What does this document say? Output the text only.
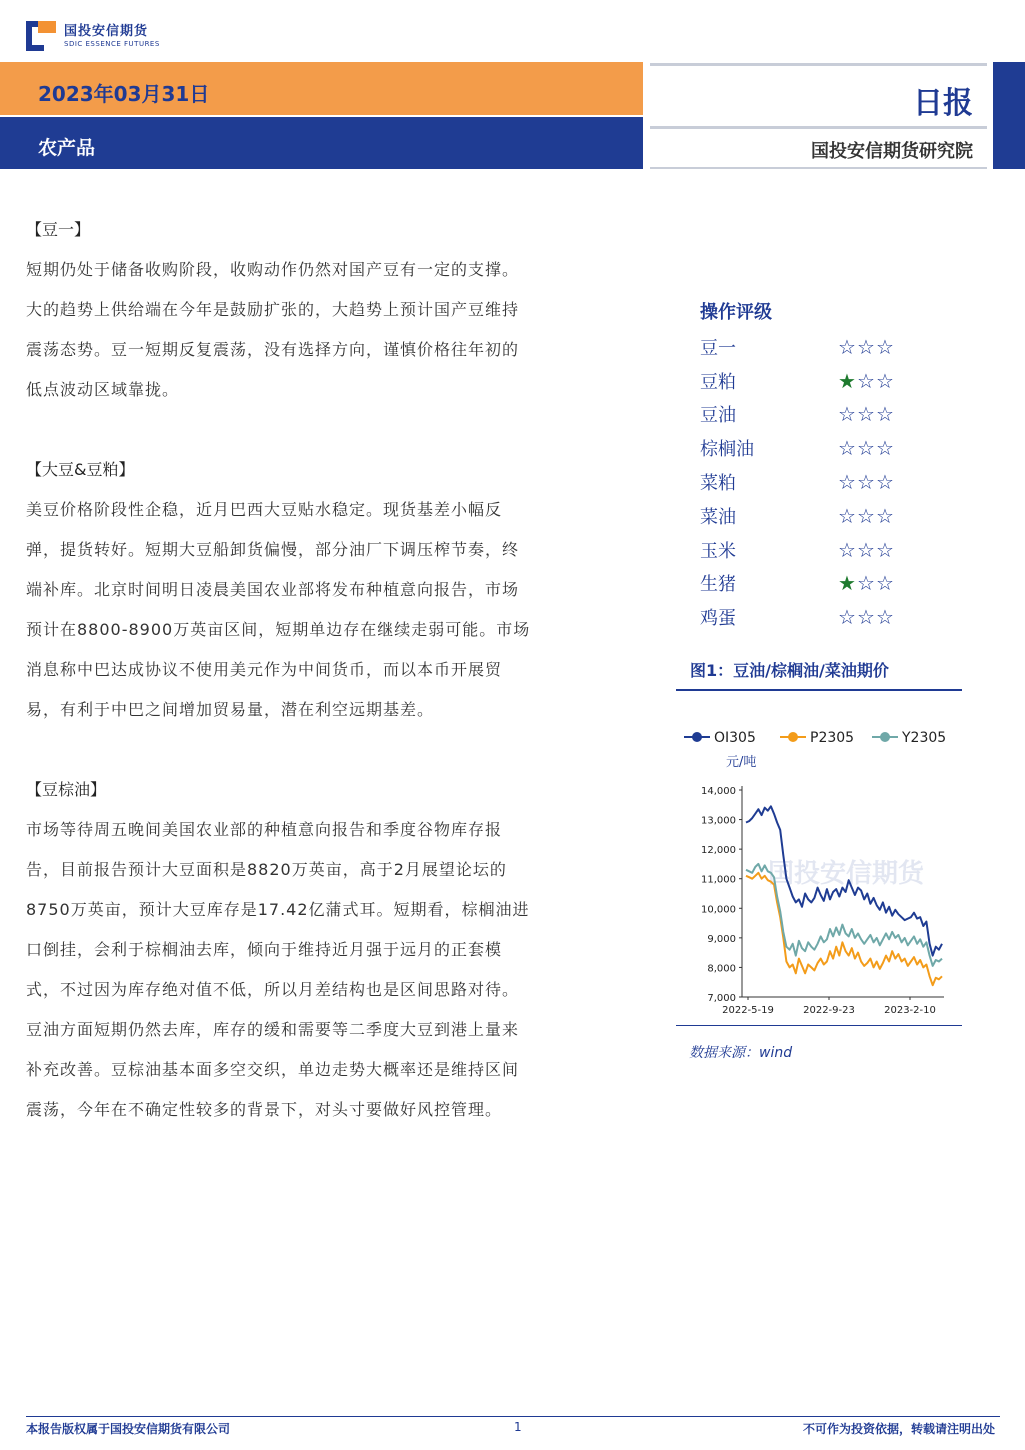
国投安信期货
SDIC ESSENCE FUTURES
2023年03月31日
农产品
日报
国投安信期货研究院
【豆一】

短期仍处于储备收购阶段，收购动作仍然对国产豆有一定的支撑。

大的趋势上供给端在今年是鼓励扩张的，大趋势上预计国产豆维持

震荡态势。豆一短期反复震荡，没有选择方向，谨慎价格往年初的

低点波动区域靠拢。

【大豆&豆粕】

美豆价格阶段性企稳，近月巴西大豆贴水稳定。现货基差小幅反

弹，提货转好。短期大豆船卸货偏慢，部分油厂下调压榨节奏，终

端补库。北京时间明日凌晨美国农业部将发布种植意向报告，市场

预计在8800-8900万英亩区间，短期单边存在继续走弱可能。市场

消息称中巴达成协议不使用美元作为中间货币，而以本币开展贸

易，有利于中巴之间增加贸易量，潜在利空远期基差。

【豆棕油】

市场等待周五晚间美国农业部的种植意向报告和季度谷物库存报

告，目前报告预计大豆面积是8820万英亩，高于2月展望论坛的

8750万英亩，预计大豆库存是17.42亿蒲式耳。短期看，棕榈油进

口倒挂，会利于棕榈油去库，倾向于维持近月强于远月的正套模

式，不过因为库存绝对值不低，所以月差结构也是区间思路对待。

豆油方面短期仍然去库，库存的缓和需要等二季度大豆到港上量来

补充改善。豆棕油基本面多空交织，单边走势大概率还是维持区间

震荡，今年在不确定性较多的背景下，对头寸要做好风控管理。

操作评级
豆一	☆ ☆ ☆
豆粕	★ ☆ ☆
豆油	☆ ☆ ☆
棕榈油	☆ ☆ ☆
菜粕	☆ ☆ ☆
菜油	☆ ☆ ☆
玉米	☆ ☆ ☆
生猪	★ ☆ ☆
鸡蛋	☆ ☆ ☆
图1：豆油/棕榈油/菜油期价
OI305	P2305	Y2305
元/吨
国投安信期货
14,000
13,000
12,000
11,000
10,000
9,000
8,000
7,000
2022-5-19	2022-9-23	2023-2-10
数据来源：wind
本报告版权属于国投安信期货有限公司	1	不可作为投资依据，转载请注明出处
